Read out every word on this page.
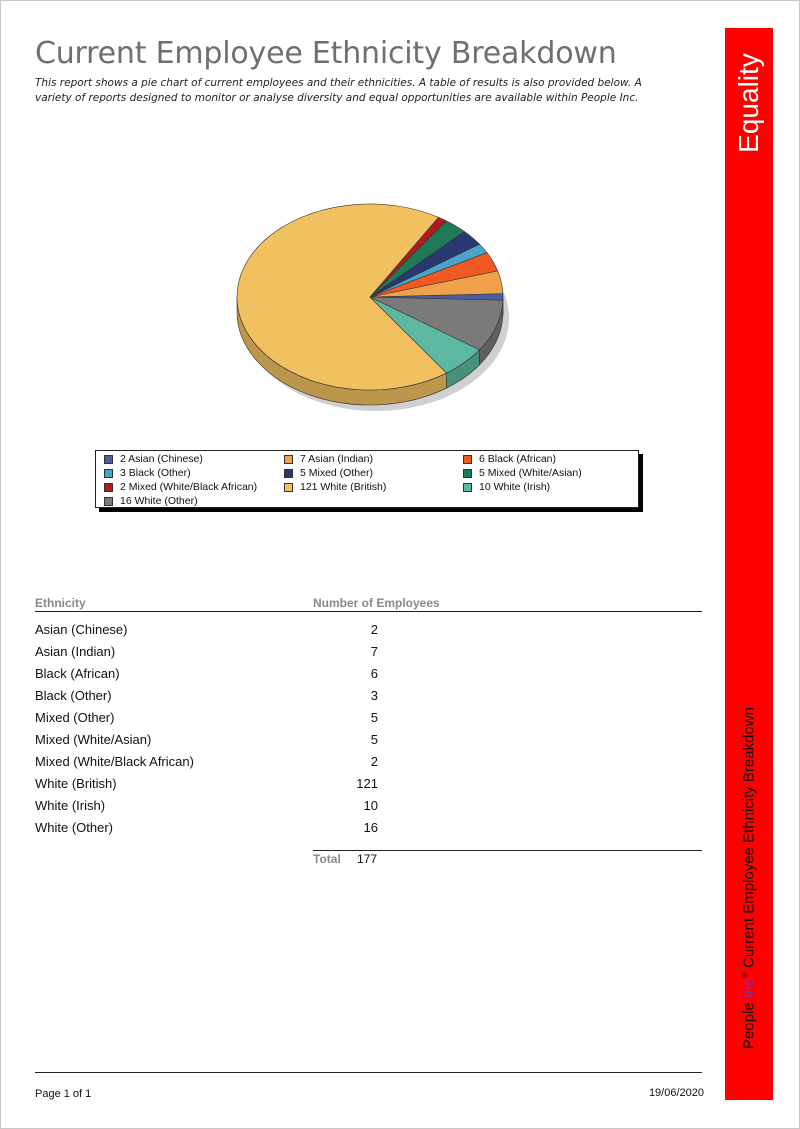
Current Employee Ethnicity Breakdown
This report shows a pie chart of current employees and their ethnicities. A table of results is also provided below. A variety of reports designed to monitor or analyse diversity and equal opportunities are available within People Inc.	Equality
People Inc® Current Employee Ethnicity Breakdown
2 Asian (Chinese)	7 Asian (Indian)	6 Black (African)
3 Black (Other)	5 Mixed (Other)	5 Mixed (White/Asian)
2 Mixed (White/Black African)	121 White (British)	10 White (Irish)
16 White (Other)
Ethnicity	Number of Employees
Asian (Chinese)	2
Asian (Indian)	7
Black (African)	6
Black (Other)	3
Mixed (Other)	5
Mixed (White/Asian)	5
Mixed (White/Black African)	2
White (British)	121
White (Irish)	10
White (Other)	16
Total 177
Page 1 of 1	19/06/2020
